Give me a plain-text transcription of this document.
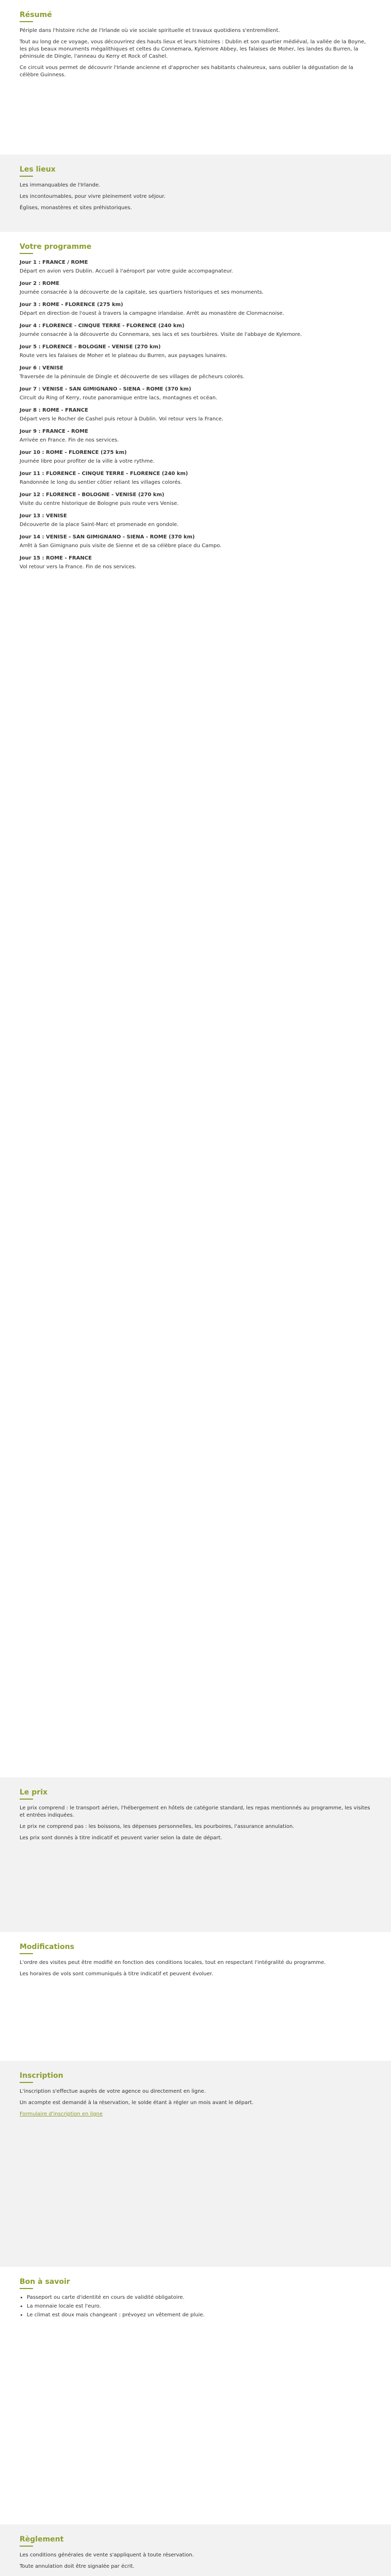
Résumé
Périple dans l'histoire riche de l'Irlande où vie sociale spirituelle et travaux quotidiens s'entremêlent.
Tout au long de ce voyage, vous découvrirez des hauts lieux et leurs histoires : Dublin et son quartier médiéval, la vallée de la Boyne, les plus beaux monuments mégalithiques et celtes du Connemara, Kylemore Abbey, les falaises de Moher, les landes du Burren, la péninsule de Dingle, l'anneau du Kerry et Rock of Cashel.
Ce circuit vous permet de découvrir l'Irlande ancienne et d'approcher ses habitants chaleureux, sans oublier la dégustation de la célèbre Guinness.
Les lieux
Les immanquables de l'Irlande.
Les incontournables, pour vivre pleinement votre séjour.
Églises, monastères et sites préhistoriques.
Votre programme
Jour 1 : FRANCE / ROME
Départ en avion vers Dublin. Accueil à l'aéroport par votre guide accompagnateur.
Jour 2 : ROME
Journée consacrée à la découverte de la capitale, ses quartiers historiques et ses monuments.
Jour 3 : ROME - FLORENCE (275 km)
Départ en direction de l'ouest à travers la campagne irlandaise. Arrêt au monastère de Clonmacnoise.
Jour 4 : FLORENCE - CINQUE TERRE - FLORENCE (240 km)
Journée consacrée à la découverte du Connemara, ses lacs et ses tourbières. Visite de l'abbaye de Kylemore.
Jour 5 : FLORENCE - BOLOGNE - VENISE (270 km)
Route vers les falaises de Moher et le plateau du Burren, aux paysages lunaires.
Jour 6 : VENISE
Traversée de la péninsule de Dingle et découverte de ses villages de pêcheurs colorés.
Jour 7 : VENISE - SAN GIMIGNANO - SIENA - ROME (370 km)
Circuit du Ring of Kerry, route panoramique entre lacs, montagnes et océan.
Jour 8 : ROME - FRANCE
Départ vers le Rocher de Cashel puis retour à Dublin. Vol retour vers la France.
Jour 9 : FRANCE - ROME
Arrivée en France. Fin de nos services.
Jour 10 : ROME - FLORENCE (275 km)
Journée libre pour profiter de la ville à votre rythme.
Jour 11 : FLORENCE - CINQUE TERRE - FLORENCE (240 km)
Randonnée le long du sentier côtier reliant les villages colorés.
Jour 12 : FLORENCE - BOLOGNE - VENISE (270 km)
Visite du centre historique de Bologne puis route vers Venise.
Jour 13 : VENISE
Découverte de la place Saint-Marc et promenade en gondole.
Jour 14 : VENISE - SAN GIMIGNANO - SIENA - ROME (370 km)
Arrêt à San Gimignano puis visite de Sienne et de sa célèbre place du Campo.
Jour 15 : ROME - FRANCE
Vol retour vers la France. Fin de nos services.
Le prix
Le prix comprend : le transport aérien, l'hébergement en hôtels de catégorie standard, les repas mentionnés au programme, les visites et entrées indiquées.
Le prix ne comprend pas : les boissons, les dépenses personnelles, les pourboires, l'assurance annulation.
Les prix sont donnés à titre indicatif et peuvent varier selon la date de départ.
Modifications
L'ordre des visites peut être modifié en fonction des conditions locales, tout en respectant l'intégralité du programme.
Les horaires de vols sont communiqués à titre indicatif et peuvent évoluer.
Inscription
L'inscription s'effectue auprès de votre agence ou directement en ligne.
Un acompte est demandé à la réservation, le solde étant à régler un mois avant le départ.
Formulaire d'inscription en ligne
Bon à savoir
• Passeport ou carte d'identité en cours de validité obligatoire.
• La monnaie locale est l'euro.
• Le climat est doux mais changeant : prévoyez un vêtement de pluie.
Règlement
Les conditions générales de vente s'appliquent à toute réservation.
Toute annulation doit être signalée par écrit.
